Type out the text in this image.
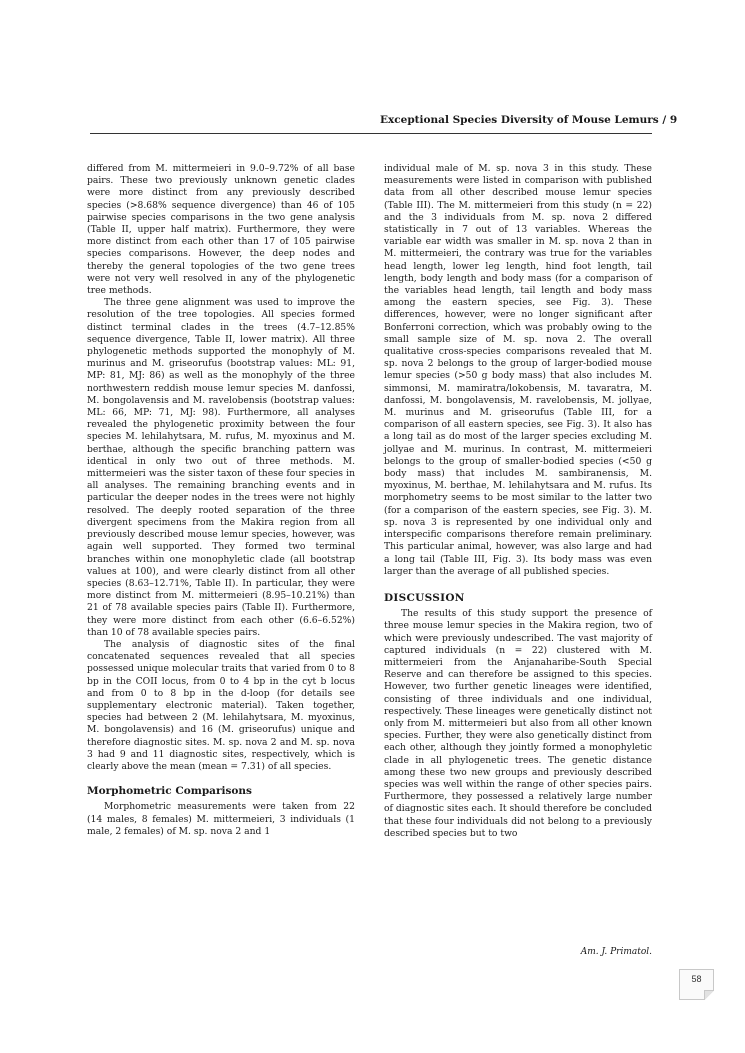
Exceptional Species Diversity of Mouse Lemurs / 9

differed from M. mittermeieri in 9.0–9.72% of all base pairs. These two previously unknown genetic clades were more distinct from any previously described species (>8.68% sequence divergence) than 46 of 105 pairwise species comparisons in the two gene analysis (Table II, upper half matrix). Furthermore, they were more distinct from each other than 17 of 105 pairwise species comparisons. However, the deep nodes and thereby the general topologies of the two gene trees were not very well resolved in any of the phylogenetic tree methods.

The three gene alignment was used to improve the resolution of the tree topologies. All species formed distinct terminal clades in the trees (4.7–12.85% sequence divergence, Table II, lower matrix). All three phylogenetic methods supported the monophyly of M. murinus and M. griseorufus (bootstrap values: ML: 91, MP: 81, MJ: 86) as well as the monophyly of the three northwestern reddish mouse lemur species M. danfossi, M. bongolavensis and M. ravelobensis (bootstrap values: ML: 66, MP: 71, MJ: 98). Furthermore, all analyses revealed the phylogenetic proximity between the four species M. lehilahytsara, M. rufus, M. myoxinus and M. berthae, although the specific branching pattern was identical in only two out of three methods. M. mittermeieri was the sister taxon of these four species in all analyses. The remaining branching events and in particular the deeper nodes in the trees were not highly resolved. The deeply rooted separation of the three divergent specimens from the Makira region from all previously described mouse lemur species, however, was again well supported. They formed two terminal branches within one monophyletic clade (all bootstrap values at 100), and were clearly distinct from all other species (8.63–12.71%, Table II). In particular, they were more distinct from M. mittermeieri (8.95–10.21%) than 21 of 78 available species pairs (Table II). Furthermore, they were more distinct from each other (6.6–6.52%) than 10 of 78 available species pairs.

The analysis of diagnostic sites of the final concatenated sequences revealed that all species possessed unique molecular traits that varied from 0 to 8 bp in the COII locus, from 0 to 4 bp in the cyt b locus and from 0 to 8 bp in the d-loop (for details see supplementary electronic material). Taken together, species had between 2 (M. lehilahytsara, M. myoxinus, M. bongolavensis) and 16 (M. griseorufus) unique and therefore diagnostic sites. M. sp. nova 2 and M. sp. nova 3 had 9 and 11 diagnostic sites, respectively, which is clearly above the mean (mean = 7.31) of all species.

Morphometric Comparisons

Morphometric measurements were taken from 22 (14 males, 8 females) M. mittermeieri, 3 individuals (1 male, 2 females) of M. sp. nova 2 and 1

individual male of M. sp. nova 3 in this study. These measurements were listed in comparison with published data from all other described mouse lemur species (Table III). The M. mittermeieri from this study (n = 22) and the 3 individuals from M. sp. nova 2 differed statistically in 7 out of 13 variables. Whereas the variable ear width was smaller in M. sp. nova 2 than in M. mittermeieri, the contrary was true for the variables head length, lower leg length, hind foot length, tail length, body length and body mass (for a comparison of the variables head length, tail length and body mass among the eastern species, see Fig. 3). These differences, however, were no longer significant after Bonferroni correction, which was probably owing to the small sample size of M. sp. nova 2. The overall qualitative cross-species comparisons revealed that M. sp. nova 2 belongs to the group of larger-bodied mouse lemur species (>50 g body mass) that also includes M. simmonsi, M. mamiratra/lokobensis, M. tavaratra, M. danfossi, M. bongolavensis, M. ravelobensis, M. jollyae, M. murinus and M. griseorufus (Table III, for a comparison of all eastern species, see Fig. 3). It also has a long tail as do most of the larger species excluding M. jollyae and M. murinus. In contrast, M. mittermeieri belongs to the group of smaller-bodied species (<50 g body mass) that includes M. sambiranensis, M. myoxinus, M. berthae, M. lehilahytsara and M. rufus. Its morphometry seems to be most similar to the latter two (for a comparison of the eastern species, see Fig. 3). M. sp. nova 3 is represented by one individual only and interspecific comparisons therefore remain preliminary. This particular animal, however, was also large and had a long tail (Table III, Fig. 3). Its body mass was even larger than the average of all published species.

DISCUSSION

The results of this study support the presence of three mouse lemur species in the Makira region, two of which were previously undescribed. The vast majority of captured individuals (n = 22) clustered with M. mittermeieri from the Anjanaharibe-South Special Reserve and can therefore be assigned to this species. However, two further genetic lineages were identified, consisting of three individuals and one individual, respectively. These lineages were genetically distinct not only from M. mittermeieri but also from all other known species. Further, they were also genetically distinct from each other, although they jointly formed a monophyletic clade in all phylogenetic trees. The genetic distance among these two new groups and previously described species was well within the range of other species pairs. Furthermore, they possessed a relatively large number of diagnostic sites each. It should therefore be concluded that these four individuals did not belong to a previously described species but to two

Am. J. Primatol.
58
